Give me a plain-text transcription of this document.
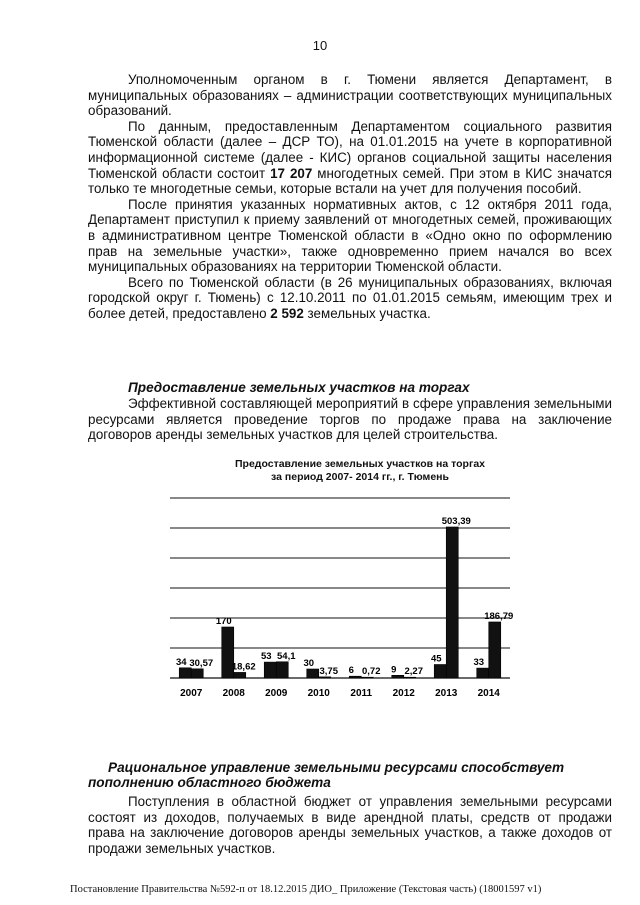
10

Уполномоченным органом в г. Тюмени является Департамент, в муниципальных образованиях – администрации соответствующих муниципальных образований.

По данным, предоставленным Департаментом социального развития Тюменской области (далее – ДСР ТО), на 01.01.2015 на учете в корпоративной информационной системе (далее - КИС) органов социальной защиты населения Тюменской области состоит 17 207 многодетных семей. При этом в КИС значатся только те многодетные семьи, которые встали на учет для получения пособий.

После принятия указанных нормативных актов, с 12 октября 2011 года, Департамент приступил к приему заявлений от многодетных семей, проживающих в административном центре Тюменской области в «Одно окно по оформлению прав на земельные участки», также одновременно прием начался во всех муниципальных образованиях на территории Тюменской области.

Всего по Тюменской области (в 26 муниципальных образованиях, включая городской округ г. Тюмень) с 12.10.2011 по 01.01.2015 семьям, имеющим трех и более детей, предоставлено 2 592 земельных участка.

Предоставление земельных участков на торгах

Эффективной составляющей мероприятий в сфере управления земельными ресурсами является проведение торгов по продаже права на заключение договоров аренды земельных участков для целей строительства.

Предоставление земельных участков на торгах
за период 2007- 2014 гг., г. Тюмень
34 30,57
2007
170
18,62
2008
53 54,1
2009
30
3,75
2010
6 0,72
2011
9 2,27
2012
45
503,39
2013
33
186,79
2014
Рациональное управление земельными ресурсами способствует
пополнению областного бюджета

Поступления в областной бюджет от управления земельными ресурсами состоят из доходов, получаемых в виде арендной платы, средств от продажи права на заключение договоров аренды земельных участков, а также доходов от продажи земельных участков.

Постановление Правительства №592-п от 18.12.2015 ДИО_ Приложение (Текстовая часть) (18001597 v1)
